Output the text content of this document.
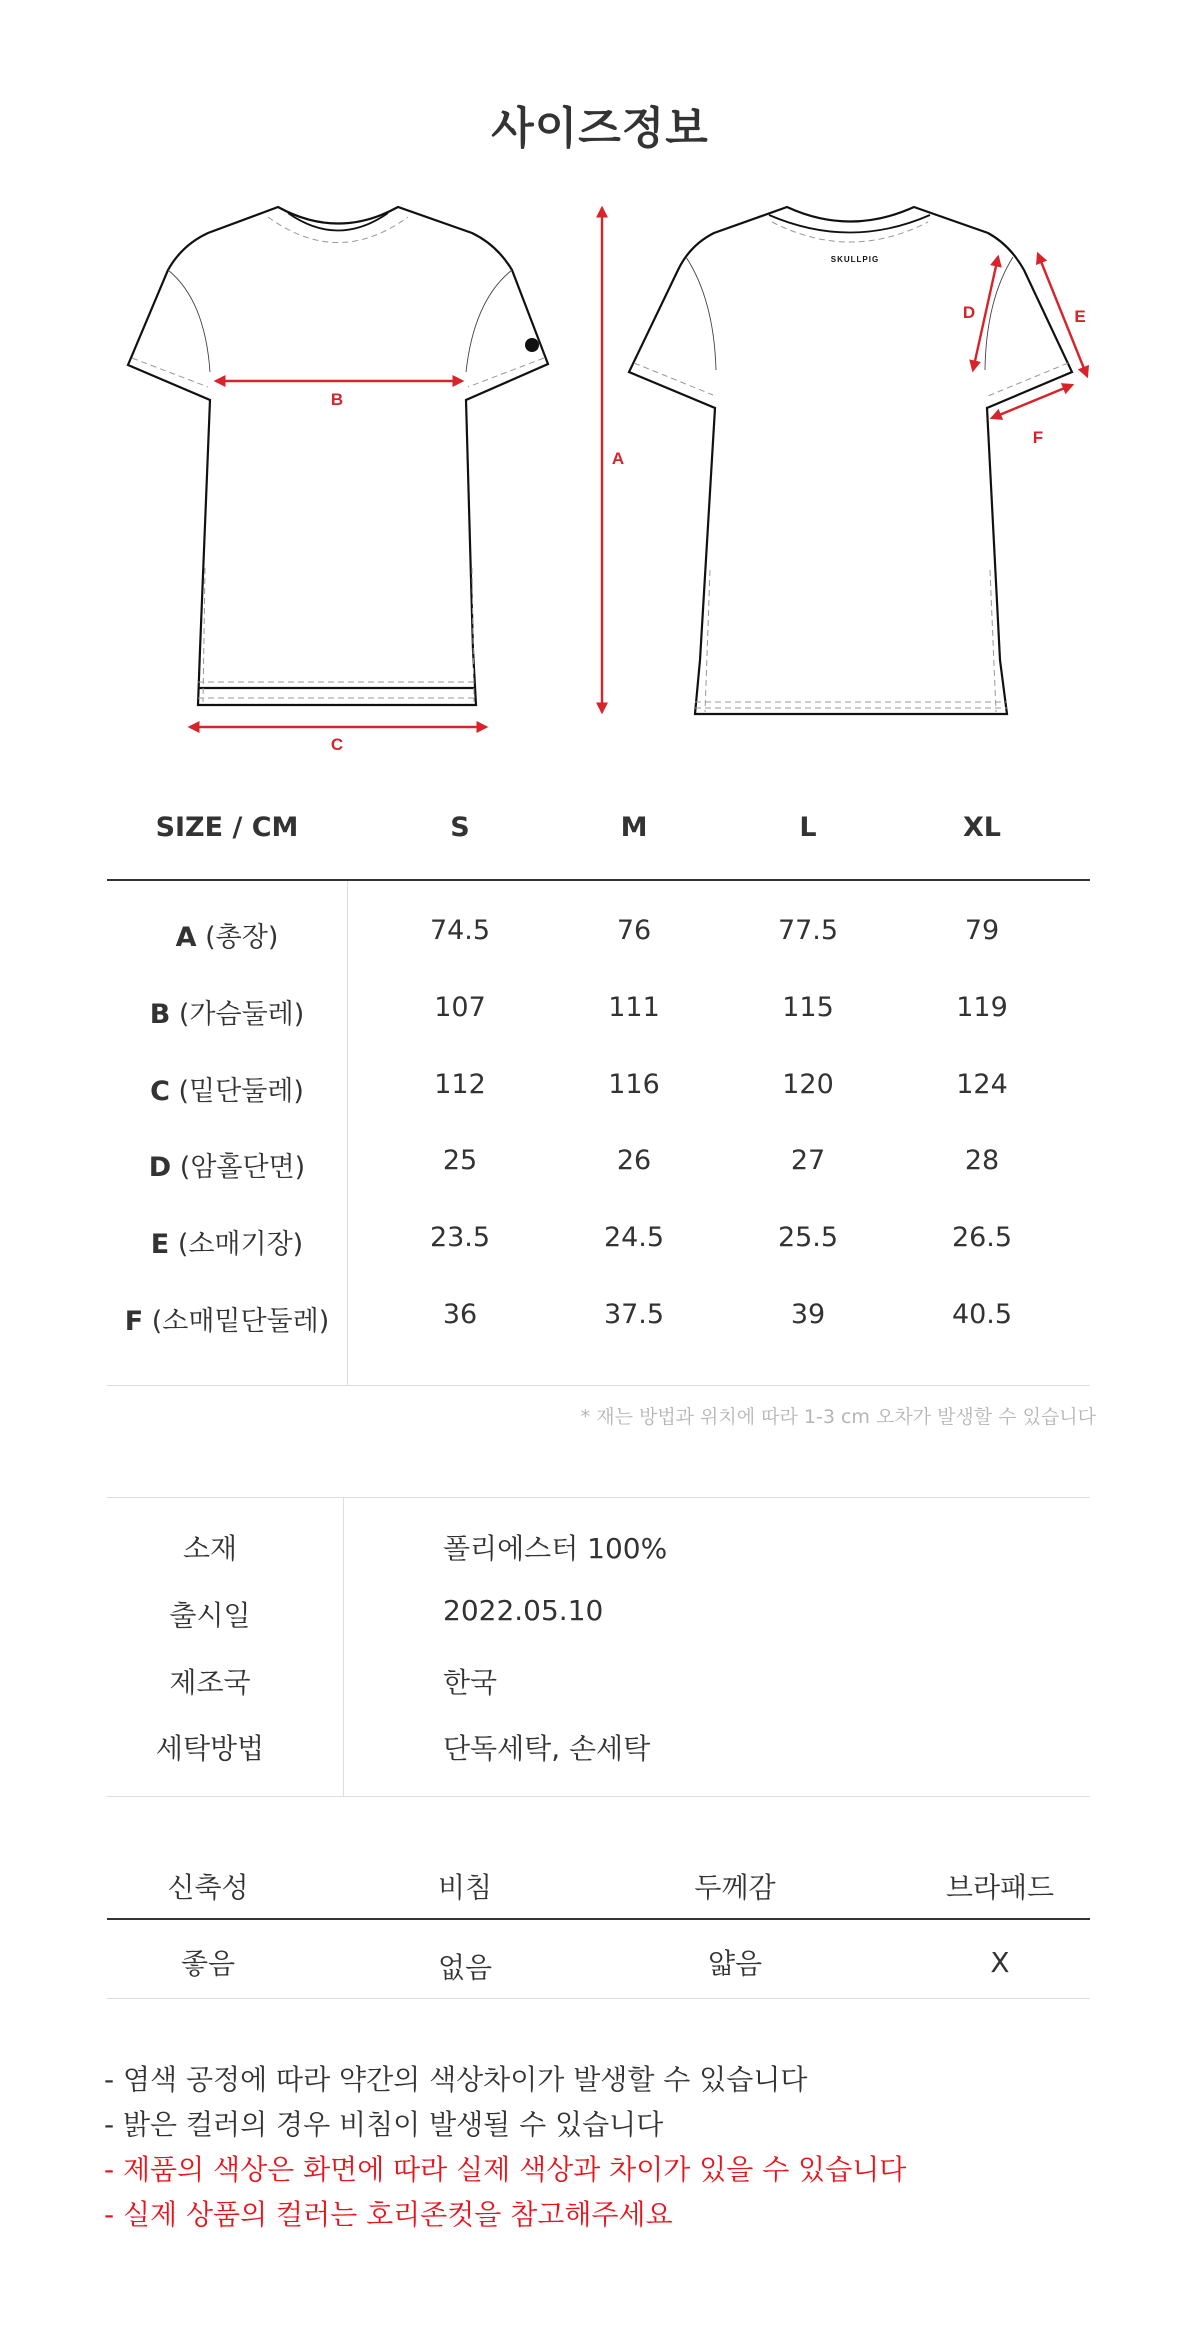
사이즈정보
B
C
A
SKULLPIG
D	E
F
SIZE / CM	S	M	L	XL
A (총장)	74.5	76	77.5	79
B (가슴둘레)	107	111	115	119
C (밑단둘레)	112	116	120	124
D (암홀단면)	25	26	27	28
E (소매기장)	23.5	24.5	25.5	26.5
F (소매밑단둘레)	36	37.5	39	40.5
* 재는 방법과 위치에 따라 1-3 cm 오차가 발생할 수 있습니다
소재	폴리에스터 100%
출시일	2022.05.10
제조국	한국
세탁방법	단독세탁, 손세탁
신축성	비침	두께감	브라패드
좋음	없음	얇음	X
- 염색 공정에 따라 약간의 색상차이가 발생할 수 있습니다
- 밝은 컬러의 경우 비침이 발생될 수 있습니다
- 제품의 색상은 화면에 따라 실제 색상과 차이가 있을 수 있습니다
- 실제 상품의 컬러는 호리존컷을 참고해주세요
